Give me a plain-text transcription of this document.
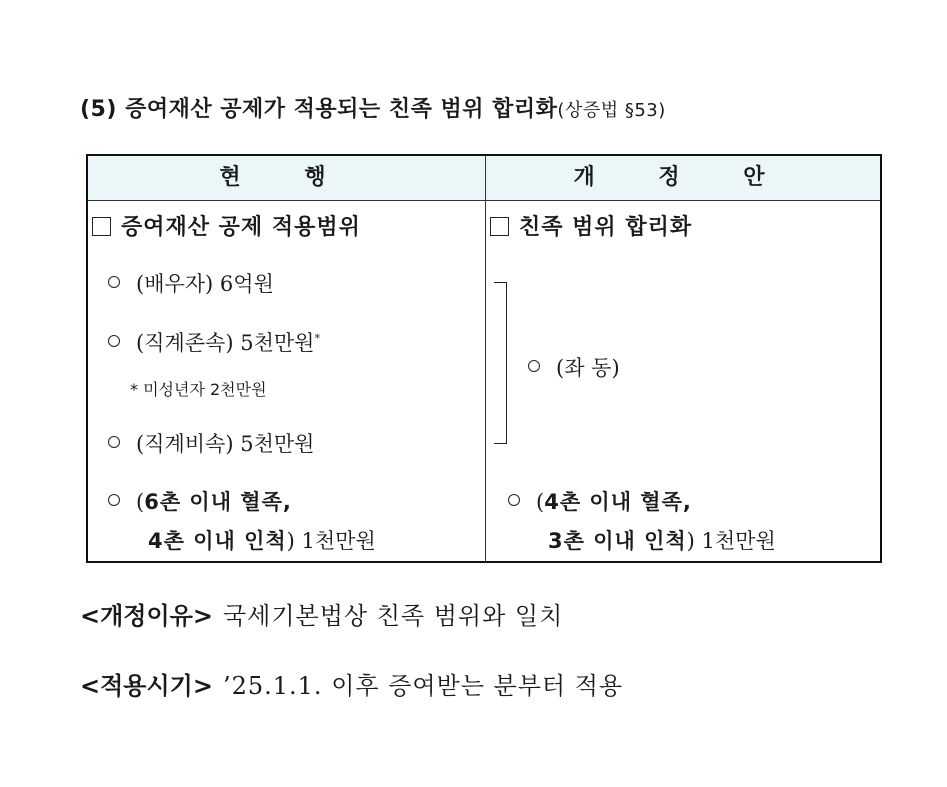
(5) 증여재산 공제가 적용되는 친족 범위 합리화(상증법 §53)
현 행	개 정 안
증여재산 공제 적용범위
(배우자) 6억원
(직계존속) 5천만원*
* 미성년자 2천만원
(직계비속) 5천만원
(6촌 이내 혈족,
4촌 이내 인척) 1천만원
친족 범위 합리화
(좌 동)
(4촌 이내 혈족,
3촌 이내 인척) 1천만원
<개정이유> 국세기본법상 친족 범위와 일치
<적용시기> ’25.1.1. 이후 증여받는 분부터 적용
